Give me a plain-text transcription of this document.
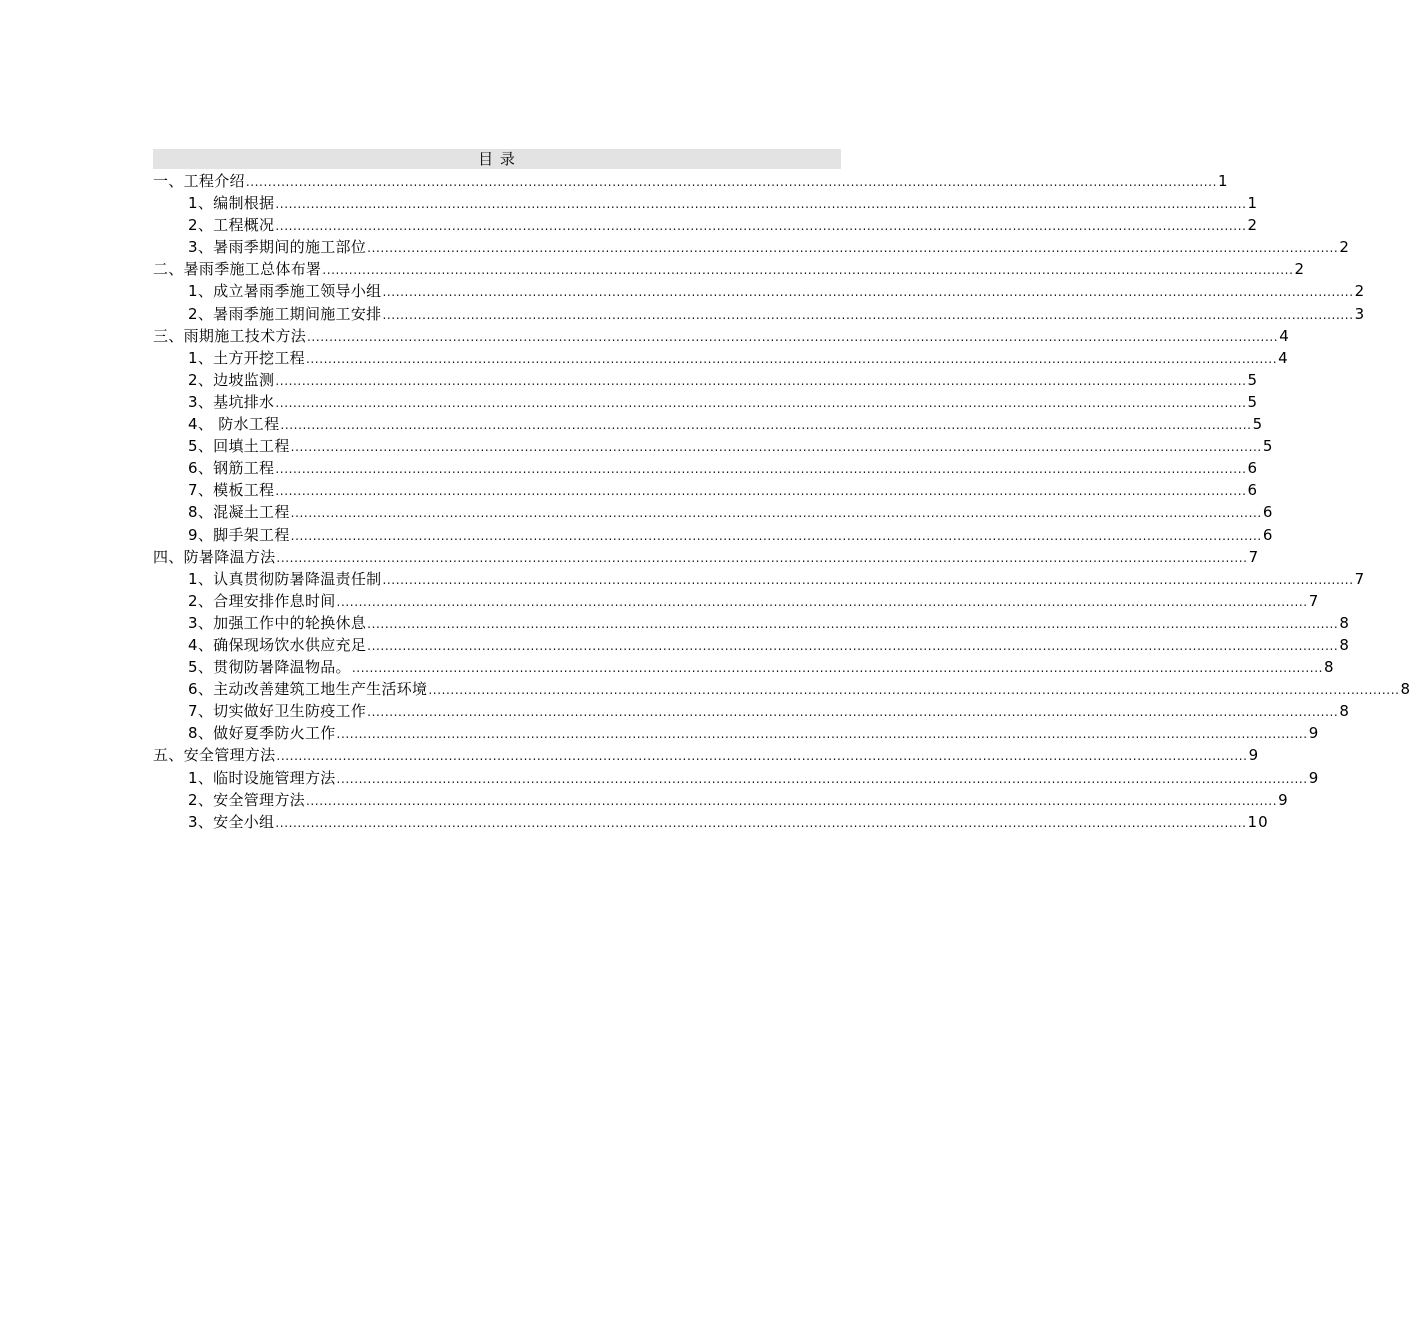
目 录
一、工程介绍 ............................................................................................................................................................................................................................ 1
1、编制根据 ............................................................................................................................................................................................................................ 1
2、工程概况 ............................................................................................................................................................................................................................ 2
3、暑雨季期间的施工部位 ............................................................................................................................................................................................................................ 2
二、暑雨季施工总体布署 ............................................................................................................................................................................................................................ 2
1、成立暑雨季施工领导小组 ............................................................................................................................................................................................................................ 2
2、暑雨季施工期间施工安排 ............................................................................................................................................................................................................................ 3
三、雨期施工技术方法 ............................................................................................................................................................................................................................ 4
1、土方开挖工程 ............................................................................................................................................................................................................................ 4
2、边坡监测 ............................................................................................................................................................................................................................ 5
3、基坑排水 ............................................................................................................................................................................................................................ 5
4、 防水工程 ............................................................................................................................................................................................................................ 5
5、回填土工程 ............................................................................................................................................................................................................................ 5
6、钢筋工程 ............................................................................................................................................................................................................................ 6
7、模板工程 ............................................................................................................................................................................................................................ 6
8、混凝土工程 ............................................................................................................................................................................................................................ 6
9、脚手架工程 ............................................................................................................................................................................................................................ 6
四、防暑降温方法 ............................................................................................................................................................................................................................ 7
1、认真贯彻防暑降温责任制 ............................................................................................................................................................................................................................ 7
2、合理安排作息时间 ............................................................................................................................................................................................................................ 7
3、加强工作中的轮换休息 ............................................................................................................................................................................................................................ 8
4、确保现场饮水供应充足 ............................................................................................................................................................................................................................ 8
5、贯彻防暑降温物品。 ............................................................................................................................................................................................................................ 8
6、主动改善建筑工地生产生活环境 ............................................................................................................................................................................................................................ 8
7、切实做好卫生防疫工作 ............................................................................................................................................................................................................................ 8
8、做好夏季防火工作 ............................................................................................................................................................................................................................ 9
五、安全管理方法 ............................................................................................................................................................................................................................ 9
1、临时设施管理方法 ............................................................................................................................................................................................................................ 9
2、安全管理方法 ............................................................................................................................................................................................................................ 9
3、安全小组 ............................................................................................................................................................................................................................ 10
